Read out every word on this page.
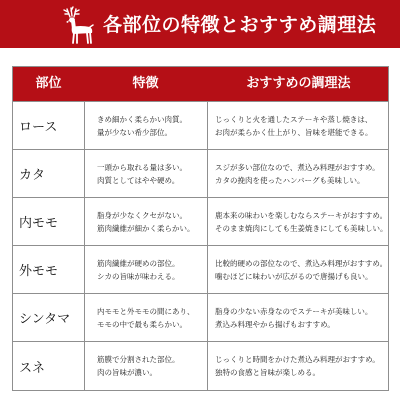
各部位の特徴とおすすめ調理法
部位	特徴	おすすめの調理法
ロース
きめ細かく柔らかい肉質。
量が少ない希少部位。
じっくりと火を通したステーキや蒸し焼きは、
お肉が柔らかく仕上がり、旨味を堪能できる。
カタ
一頭から取れる量は多い。
肉質としてはやや硬め。
スジが多い部位なので、煮込み料理がおすすめ。
カタの挽肉を使ったハンバーグも美味しい。
内モモ
脂身が少なくクセがない。
筋肉繊維が細かく柔らかい。
鹿本来の味わいを楽しむならステーキがおすすめ。
そのまま焼肉にしても生姜焼きにしても美味しい。
外モモ
筋肉繊維が硬めの部位。
シカの旨味が味わえる。
比較的硬めの部位なので、煮込み料理がおすすめ。
噛むほどに味わいが広がるので唐揚げも良い。
シンタマ
内モモと外モモの間にあり、
モモの中で最も柔らかい。
脂身の少ない赤身なのでステーキが美味しい。
煮込み料理やから揚げもおすすめ。
スネ
筋膜で分割された部位。
肉の旨味が濃い。
じっくりと時間をかけた煮込み料理がおすすめ。
独特の食感と旨味が楽しめる。
